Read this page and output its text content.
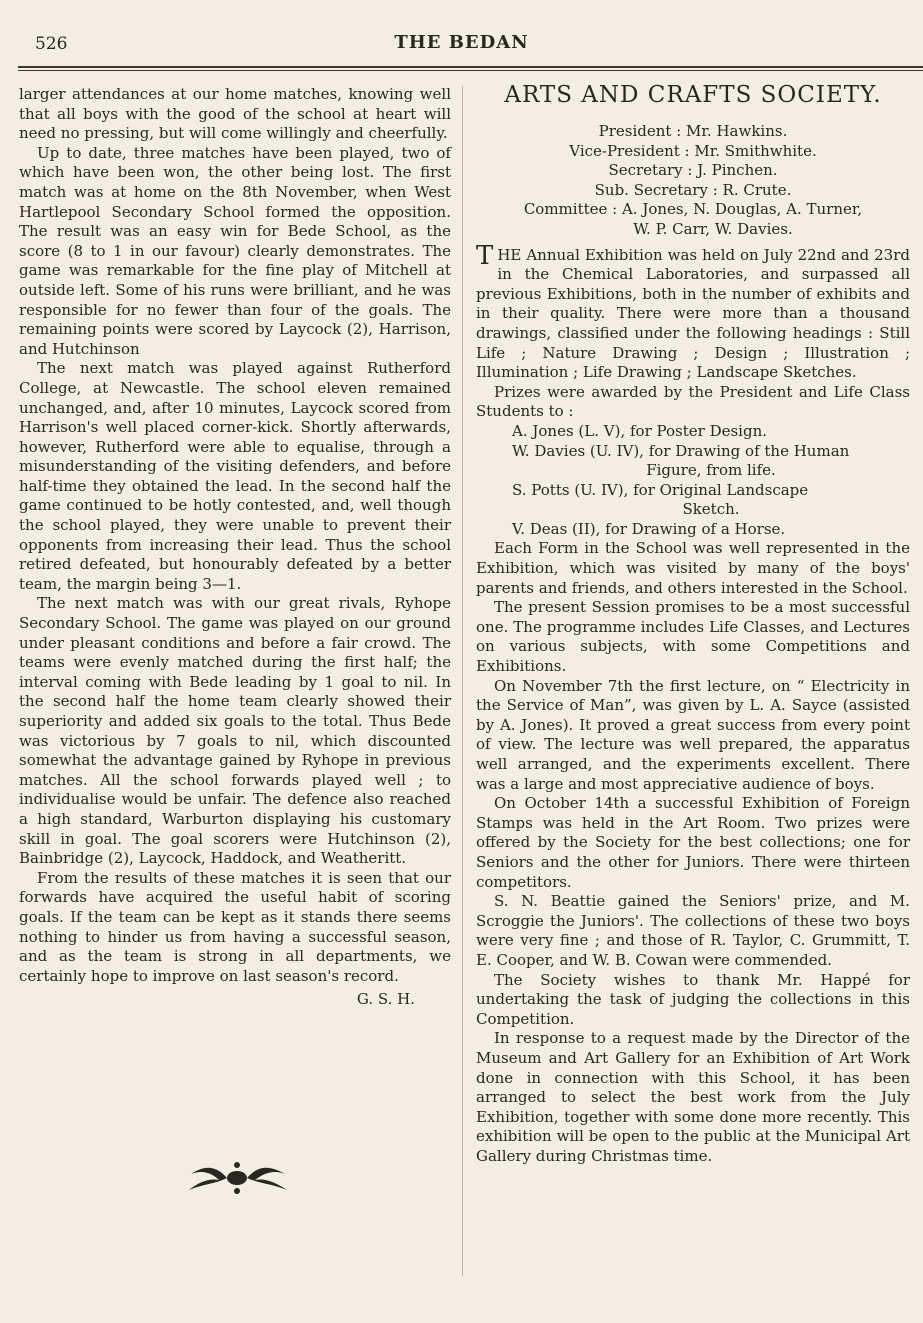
526	THE BEDAN

larger attendances at our home matches, knowing well that all boys with the good of the school at heart will need no pressing, but will come willingly and cheerfully.

Up to date, three matches have been played, two of which have been won, the other being lost. The first match was at home on the 8th November, when West Hartlepool Secondary School formed the opposition. The result was an easy win for Bede School, as the score (8 to 1 in our favour) clearly demonstrates. The game was remarkable for the fine play of Mitchell at outside left. Some of his runs were brilliant, and he was responsible for no fewer than four of the goals. The remaining points were scored by Laycock (2), Harrison, and Hutchinson

The next match was played against Rutherford College, at Newcastle. The school eleven remained unchanged, and, after 10 minutes, Laycock scored from Harrison's well placed corner-kick. Shortly afterwards, however, Rutherford were able to equalise, through a misunderstanding of the visiting defenders, and before half-time they obtained the lead. In the second half the game continued to be hotly contested, and, well though the school played, they were unable to prevent their opponents from increasing their lead. Thus the school retired defeated, but honourably defeated by a better team, the margin being 3—1.

The next match was with our great rivals, Ryhope Secondary School. The game was played on our ground under pleasant conditions and before a fair crowd. The teams were evenly matched during the first half; the interval coming with Bede leading by 1 goal to nil. In the second half the home team clearly showed their superiority and added six goals to the total. Thus Bede was victorious by 7 goals to nil, which discounted somewhat the advantage gained by Ryhope in previous matches. All the school forwards played well ; to individualise would be unfair. The defence also reached a high standard, Warburton displaying his customary skill in goal. The goal scorers were Hutchinson (2), Bainbridge (2), Laycock, Haddock, and Weatheritt.

From the results of these matches it is seen that our forwards have acquired the useful habit of scoring goals. If the team can be kept as it stands there seems nothing to hinder us from having a successful season, and as the team is strong in all departments, we certainly hope to improve on last season's record.

G. S. H.
ARTS AND CRAFTS SOCIETY.
President : Mr. Hawkins.
Vice-President : Mr. Smithwhite.
Secretary : J. Pinchen.
Sub. Secretary : R. Crute.
Committee : A. Jones, N. Douglas, A. Turner,
W. P. Carr, W. Davies.

THE Annual Exhibition was held on July 22nd and 23rd in the Chemical Laboratories, and surpassed all previous Exhibitions, both in the number of exhibits and in their quality. There were more than a thousand drawings, classified under the following headings : Still Life ; Nature Drawing ; Design ; Illustration ; Illumination ; Life Drawing ; Landscape Sketches.

Prizes were awarded by the President and Life Class Students to :

A. Jones (L. V), for Poster Design.
W. Davies (U. IV), for Drawing of the Human
Figure, from life.
S. Potts (U. IV), for Original Landscape
Sketch.
V. Deas (II), for Drawing of a Horse.

Each Form in the School was well represented in the Exhibition, which was visited by many of the boys' parents and friends, and others interested in the School.

The present Session promises to be a most successful one. The programme includes Life Classes, and Lectures on various subjects, with some Competitions and Exhibitions.

On November 7th the first lecture, on “ Electricity in the Service of Man”, was given by L. A. Sayce (assisted by A. Jones). It proved a great success from every point of view. The lecture was well prepared, the apparatus well arranged, and the experiments excellent. There was a large and most appreciative audience of boys.

On October 14th a successful Exhibition of Foreign Stamps was held in the Art Room. Two prizes were offered by the Society for the best collections; one for Seniors and the other for Juniors. There were thirteen competitors.

S. N. Beattie gained the Seniors' prize, and M. Scroggie the Juniors'. The collections of these two boys were very fine ; and those of R. Taylor, C. Grummitt, T. E. Cooper, and W. B. Cowan were commended.

The Society wishes to thank Mr. Happé for undertaking the task of judging the collections in this Competition.

In response to a request made by the Director of the Museum and Art Gallery for an Exhibition of Art Work done in connection with this School, it has been arranged to select the best work from the July Exhibition, together with some done more recently. This exhibition will be open to the public at the Municipal Art Gallery during Christmas time.
